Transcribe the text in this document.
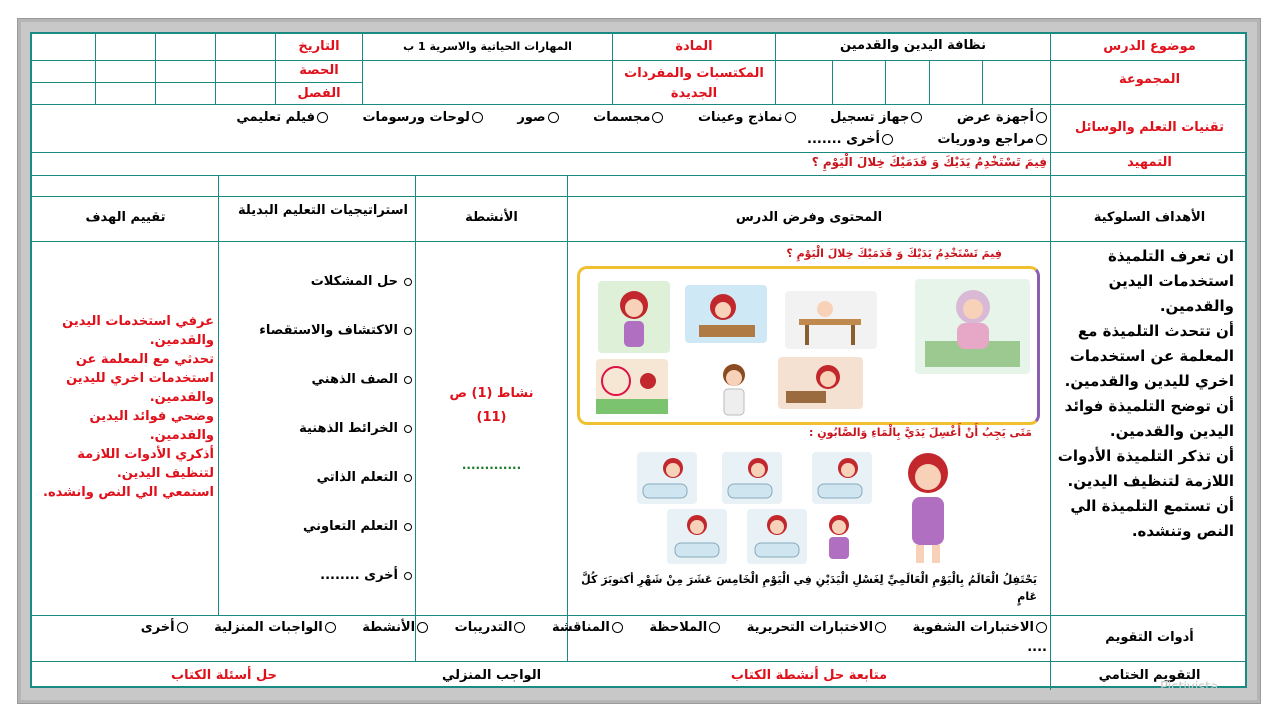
موضوع الدرس
نظافة اليدين والقدمين
المادة
المهارات الحياتية والاسرية 1 ب
التاريخ
المجموعة
المكتسبات والمفردات الجديدة
الحصة
الفصل
تقنيات التعلم والوسائل
أجهزة عرض جهاز تسجيل نماذج وعينات مجسمات صور لوحات ورسومات فيلم تعليمي
مراجع ودوريات أخرى .......
التمهيد
فِيمَ تَسْتَخْدِمُ يَدَيْكَ وَ قَدَمَيْكَ خِلالَ الْيَوْمِ ؟
الأهداف السلوكية
المحتوى وفرض الدرس
الأنشطة
استراتيجيات التعليم البديلة
تقييم الهدف
ان تعرف التلميذة استخدمات اليدين والقدمين.
أن تتحدث التلميذة مع المعلمة عن استخدمات اخري لليدين والقدمين.
أن توضح التلميذة فوائد اليدين والقدمين.
أن تذكر التلميذة الأدوات اللازمة لتنظيف اليدين.
أن تستمع التلميذة الي النص وتنشده.
فِيمَ تَسْتَخْدِمُ يَدَيْكَ وَ قَدَمَيْكَ خِلالَ الْيَوْمِ ؟
مَتَى يَجِبُ أَنْ أَغْسِلَ يَدَيَّ بِالْمَاءِ وَالصَّابُونِ :
يَحْتَفِلُ الْعَالَمُ بِالْيَوْمِ الْعَالَمِيِّ لِغَسْلِ الْيَدَيْنِ فِي الْيَوْمِ الْخَامِسَ عَشَرَ مِنْ شَهْرِ أكتوبَرَ كُلَّ عَامٍ
نشاط (1) ص
(11)
.............
حل المشكلات
الاكتشاف والاستقصاء
الصف الذهني
الخرائط الذهنية
التعلم الذاتي
التعلم التعاوني
أخرى ........
عرفي استخدمات اليدين والقدمين.
تحدثي مع المعلمة عن استخدمات اخري لليدين والقدمين.
وضحي فوائد اليدين والقدمين.
أذكري الأدوات اللازمة لتنظيف اليدين.
استمعي الي النص وانشده.
أدوات التقويم
الاختبارات الشفوية الاختبارات التحريرية الملاحظة المناقشة التدريبات الأنشطة الواجبات المنزلية أخرى
....
التقويم الختامي
متابعة حل أنشطة الكتاب
الواجب المنزلي
حل أسئلة الكتاب
Pictivista
